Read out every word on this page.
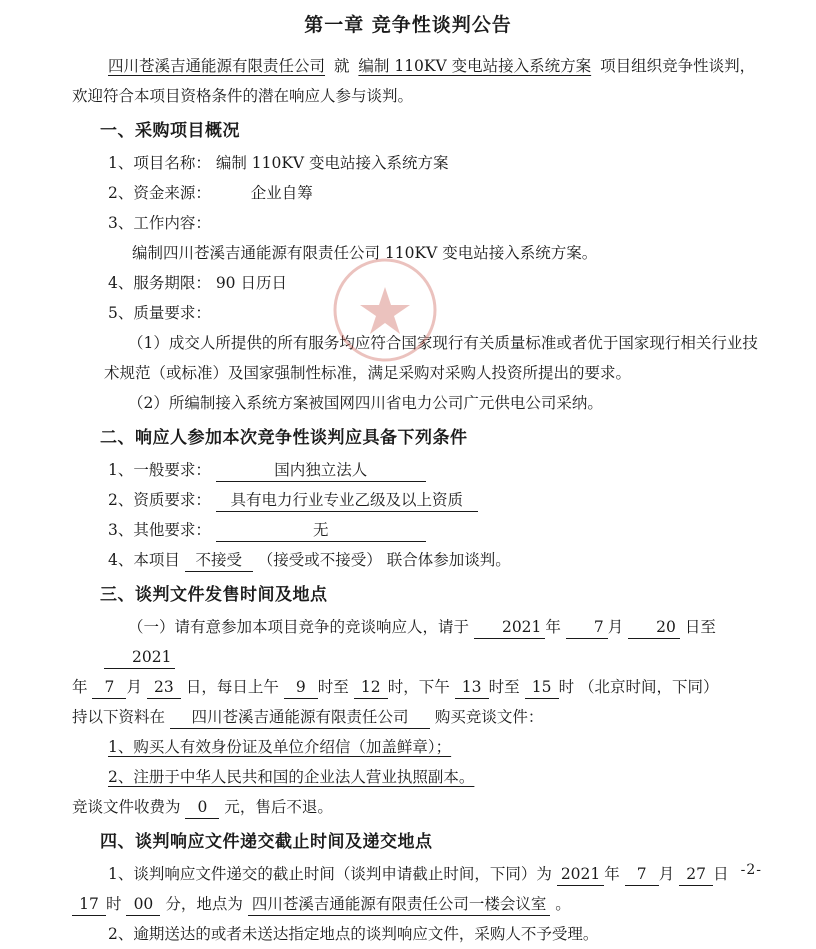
第一章 竞争性谈判公告

四川苍溪吉通能源有限责任公司 就 编制 110KV 变电站接入系统方案 项目组织竞争性谈判，欢迎符合本项目资格条件的潜在响应人参与谈判。

一、采购项目概况

1、项目名称： 编制 110KV 变电站接入系统方案

2、资金来源：	企业自筹

3、工作内容：

编制四川苍溪吉通能源有限责任公司 110KV 变电站接入系统方案。

4、服务期限： 90 日历日

5、质量要求：

（1）成交人所提供的所有服务均应符合国家现行有关质量标准或者优于国家现行相关行业技术规范（或标准）及国家强制性标准，满足采购对采购人投资所提出的要求。

（2）所编制接入系统方案被国网四川省电力公司广元供电公司采纳。

二、响应人参加本次竞争性谈判应具备下列条件

1、一般要求：	国内独立法人

2、资质要求： 具有电力行业专业乙级及以上资质

3、其他要求：	无

4、本项目 不接受 （接受或不接受） 联合体参加谈判。

三、谈判文件发售时间及地点

（一）请有意参加本项目竞争的竞谈响应人，请于 2021 年 7 月 20 日至 2021

年 7 月 23 日，每日上午 9 时至 12 时，下午 13 时至 15 时 （北京时间，下同）

持以下资料在 四川苍溪吉通能源有限责任公司 购买竞谈文件：

1、购买人有效身份证及单位介绍信（加盖鲜章）；

2、注册于中华人民共和国的企业法人营业执照副本。

竞谈文件收费为 0 元，售后不退。

四、谈判响应文件递交截止时间及递交地点

1、谈判响应文件递交的截止时间（谈判申请截止时间，下同）为 2021 年 7 月 27 日

17 时 00 分，地点为 四川苍溪吉通能源有限责任公司一楼会议室 。

2、逾期送达的或者未送达指定地点的谈判响应文件，采购人不予受理。

-2-
